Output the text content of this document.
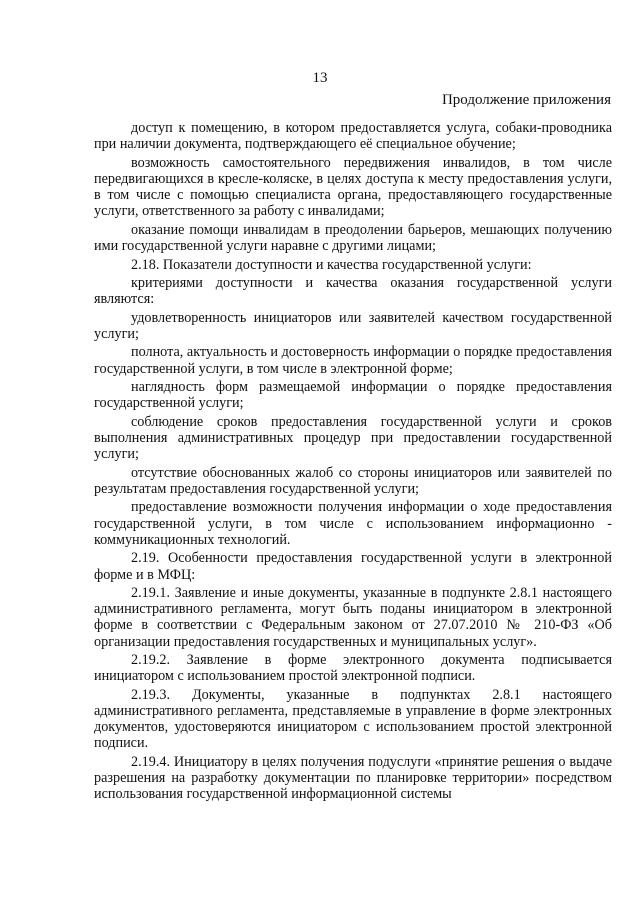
13
Продолжение приложения

доступ к помещению, в котором предоставляется услуга, собаки-проводника при наличии документа, подтверждающего её специальное обучение;

возможность самостоятельного передвижения инвалидов, в том числе передвигающихся в кресле-коляске, в целях доступа к месту предоставления услуги, в том числе с помощью специалиста органа, предоставляющего государственные услуги, ответственного за работу с инвалидами;

оказание помощи инвалидам в преодолении барьеров, мешающих получению ими государственной услуги наравне с другими лицами;

2.18. Показатели доступности и качества государственной услуги:

критериями доступности и качества оказания государственной услуги являются:

удовлетворенность инициаторов или заявителей качеством государственной услуги;

полнота, актуальность и достоверность информации о порядке предоставления государственной услуги, в том числе в электронной форме;

наглядность форм размещаемой информации о порядке предоставления государственной услуги;

соблюдение сроков предоставления государственной услуги и сроков выполнения административных процедур при предоставлении государственной услуги;

отсутствие обоснованных жалоб со стороны инициаторов или заявителей по результатам предоставления государственной услуги;

предоставление возможности получения информации о ходе предоставления государственной услуги, в том числе с использованием информационно - коммуникационных технологий.

2.19. Особенности предоставления государственной услуги в электронной форме и в МФЦ:

2.19.1. Заявление и иные документы, указанные в подпункте 2.8.1 настоящего административного регламента, могут быть поданы инициатором в электронной форме в соответствии с Федеральным законом от 27.07.2010 № 210-ФЗ «Об организации предоставления государственных и муниципальных услуг».

2.19.2. Заявление в форме электронного документа подписывается инициатором с использованием простой электронной подписи.

2.19.3. Документы, указанные в подпунктах 2.8.1 настоящего административного регламента, представляемые в управление в форме электронных документов, удостоверяются инициатором с использованием простой электронной подписи.

2.19.4. Инициатору в целях получения подуслуги «принятие решения о выдаче разрешения на разработку документации по планировке территории» посредством использования государственной информационной системы
